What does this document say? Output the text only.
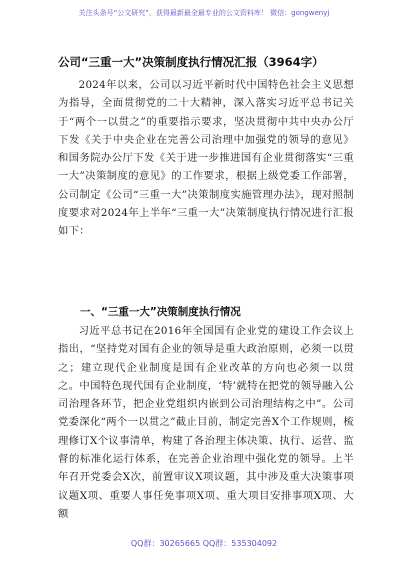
关注头条号“公文研究”，获得最新最全最专业的公文资料库！ 微信：gongwenyj
公司“三重一大”决策制度执行情况汇报（3964字）

2024年以来，公司以习近平新时代中国特色社会主义思想为指导，全面贯彻党的二十大精神，深入落实习近平总书记关于“两个一以贯之”的重要指示要求，坚决贯彻中共中央办公厅下发《关于中央企业在完善公司治理中加强党的领导的意见》和国务院办公厅下发《关于进一步推进国有企业贯彻落实“三重一大”决策制度的意见》的工作要求，根据上级党委工作部署，公司制定《公司“三重一大”决策制度实施管理办法》，现对照制度要求对2024年上半年“三重一大”决策制度执行情况进行汇报如下：

一、“三重一大”决策制度执行情况

习近平总书记在2016年全国国有企业党的建设工作会议上指出，“坚持党对国有企业的领导是重大政治原则，必须一以贯之；建立现代企业制度是国有企业改革的方向也必须一以贯之。中国特色现代国有企业制度，‘特’就特在把党的领导融入公司治理各环节，把企业党组织内嵌到公司治理结构之中”。公司党委深化“两个一以贯之”截止目前，制定完善X个工作规则，梳理修订X个议事清单，构建了各治理主体决策、执行、运营、监督的标准化运行体系，在完善企业治理中强化党的领导。上半年召开党委会X次，前置审议X项议题，其中涉及重大决策事项议题X项、重要人事任免事项X项、重大项目安排事项X项、大额

QQ群：30265665 QQ群：535304092
